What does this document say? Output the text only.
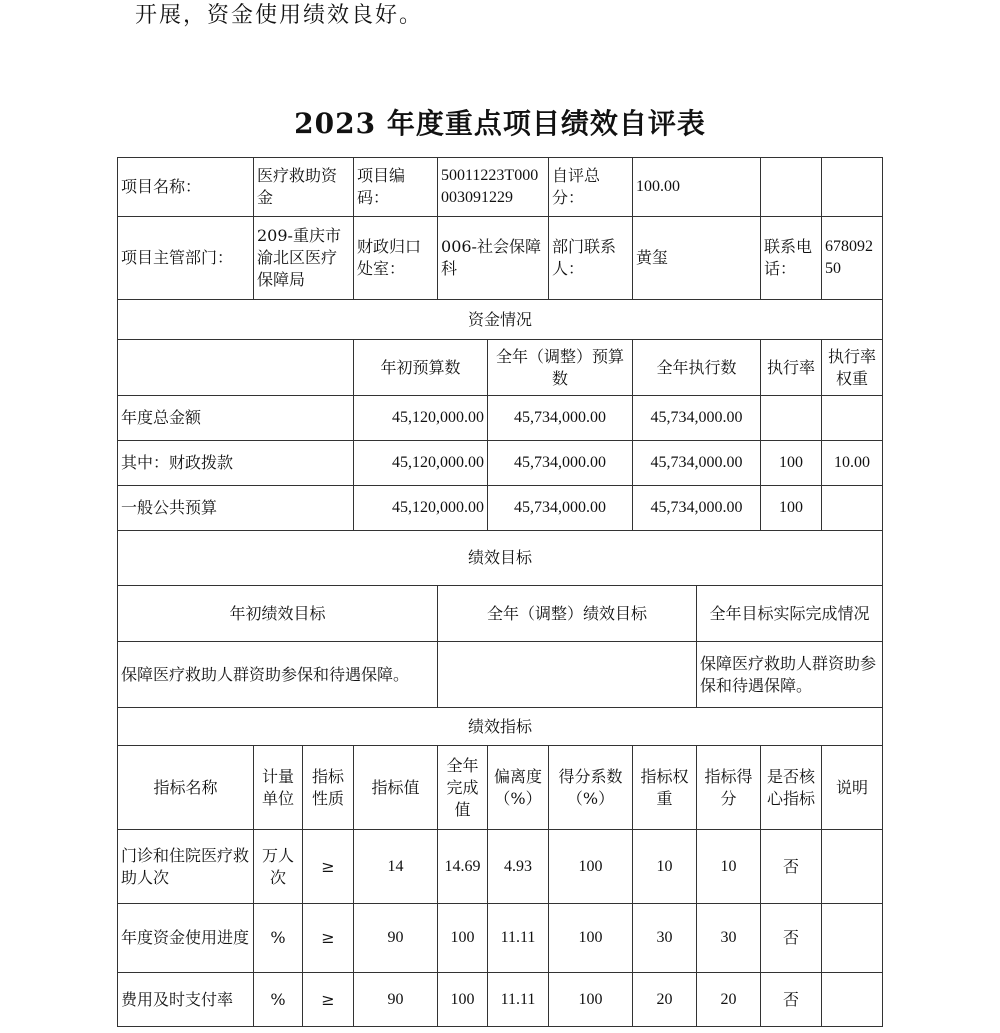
开展，资金使用绩效良好。
2023 年度重点项目绩效自评表
项目名称：	医疗救助资金		项目编码：	50011223T000003091229		自评总分：	100.00			
项目主管部门：	209-重庆市渝北区医疗保障局		财政归口处室：	006-社会保障科		部门联系人：	黄玺		联系电话：	67809250
资金情况										
			年初预算数		全年（调整）预算数		全年执行数		执行率	执行率权重
年度总金额			45,120,000.00		45,734,000.00		45,734,000.00			
其中：财政拨款			45,120,000.00		45,734,000.00		45,734,000.00		100	10.00
一般公共预算			45,120,000.00		45,734,000.00		45,734,000.00		100	
绩效目标										
年初绩效目标				全年（调整）绩效目标				全年目标实际完成情况		
保障医疗救助人群资助参保和待遇保障。								保障医疗救助人群资助参保和待遇保障。		
绩效指标										
指标名称	计量单位	指标性质	指标值	全年完成值	偏离度（%）	得分系数（%）	指标权重	指标得分	是否核心指标	说明
门诊和住院医疗救助人次	万人次	≥	14	14.69	4.93	100	10	10	否	
年度资金使用进度	%	≥	90	100	11.11	100	30	30	否	
费用及时支付率	%	≥	90	100	11.11	100	20	20	否	
